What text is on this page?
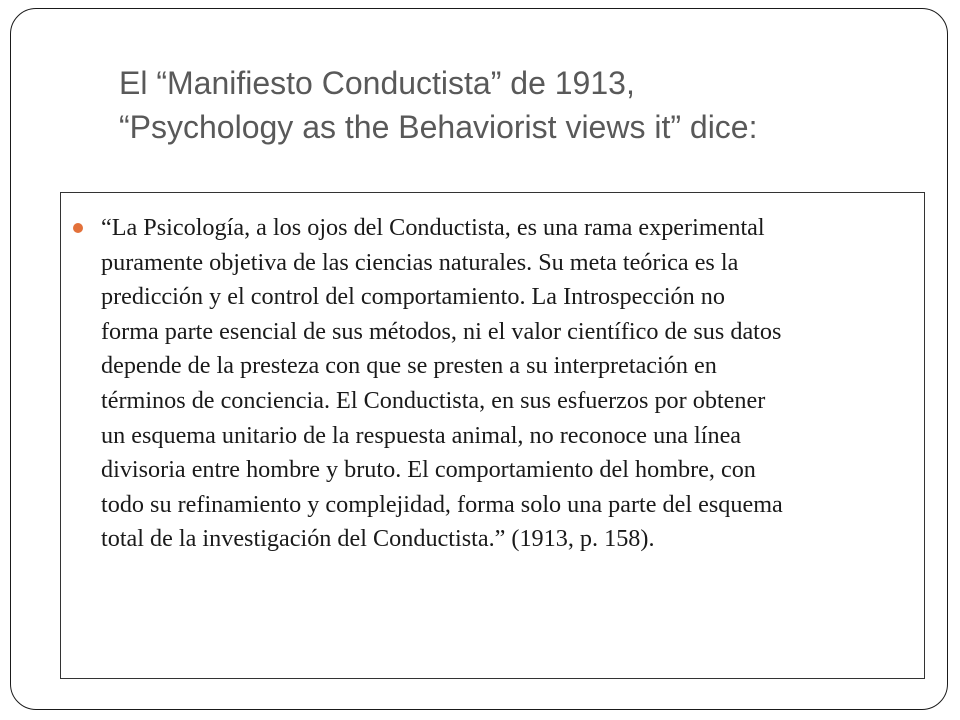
El “Manifiesto Conductista” de 1913,
“Psychology as the Behaviorist views it” dice:

“La Psicología, a los ojos del Conductista, es una rama experimental
puramente objetiva de las ciencias naturales. Su meta teórica es la
predicción y el control del comportamiento. La Introspección no
forma parte esencial de sus métodos, ni el valor científico de sus datos
depende de la presteza con que se presten a su interpretación en
términos de conciencia. El Conductista, en sus esfuerzos por obtener
un esquema unitario de la respuesta animal, no reconoce una línea
divisoria entre hombre y bruto. El comportamiento del hombre, con
todo su refinamiento y complejidad, forma solo una parte del esquema
total de la investigación del Conductista.” (1913, p. 158).
